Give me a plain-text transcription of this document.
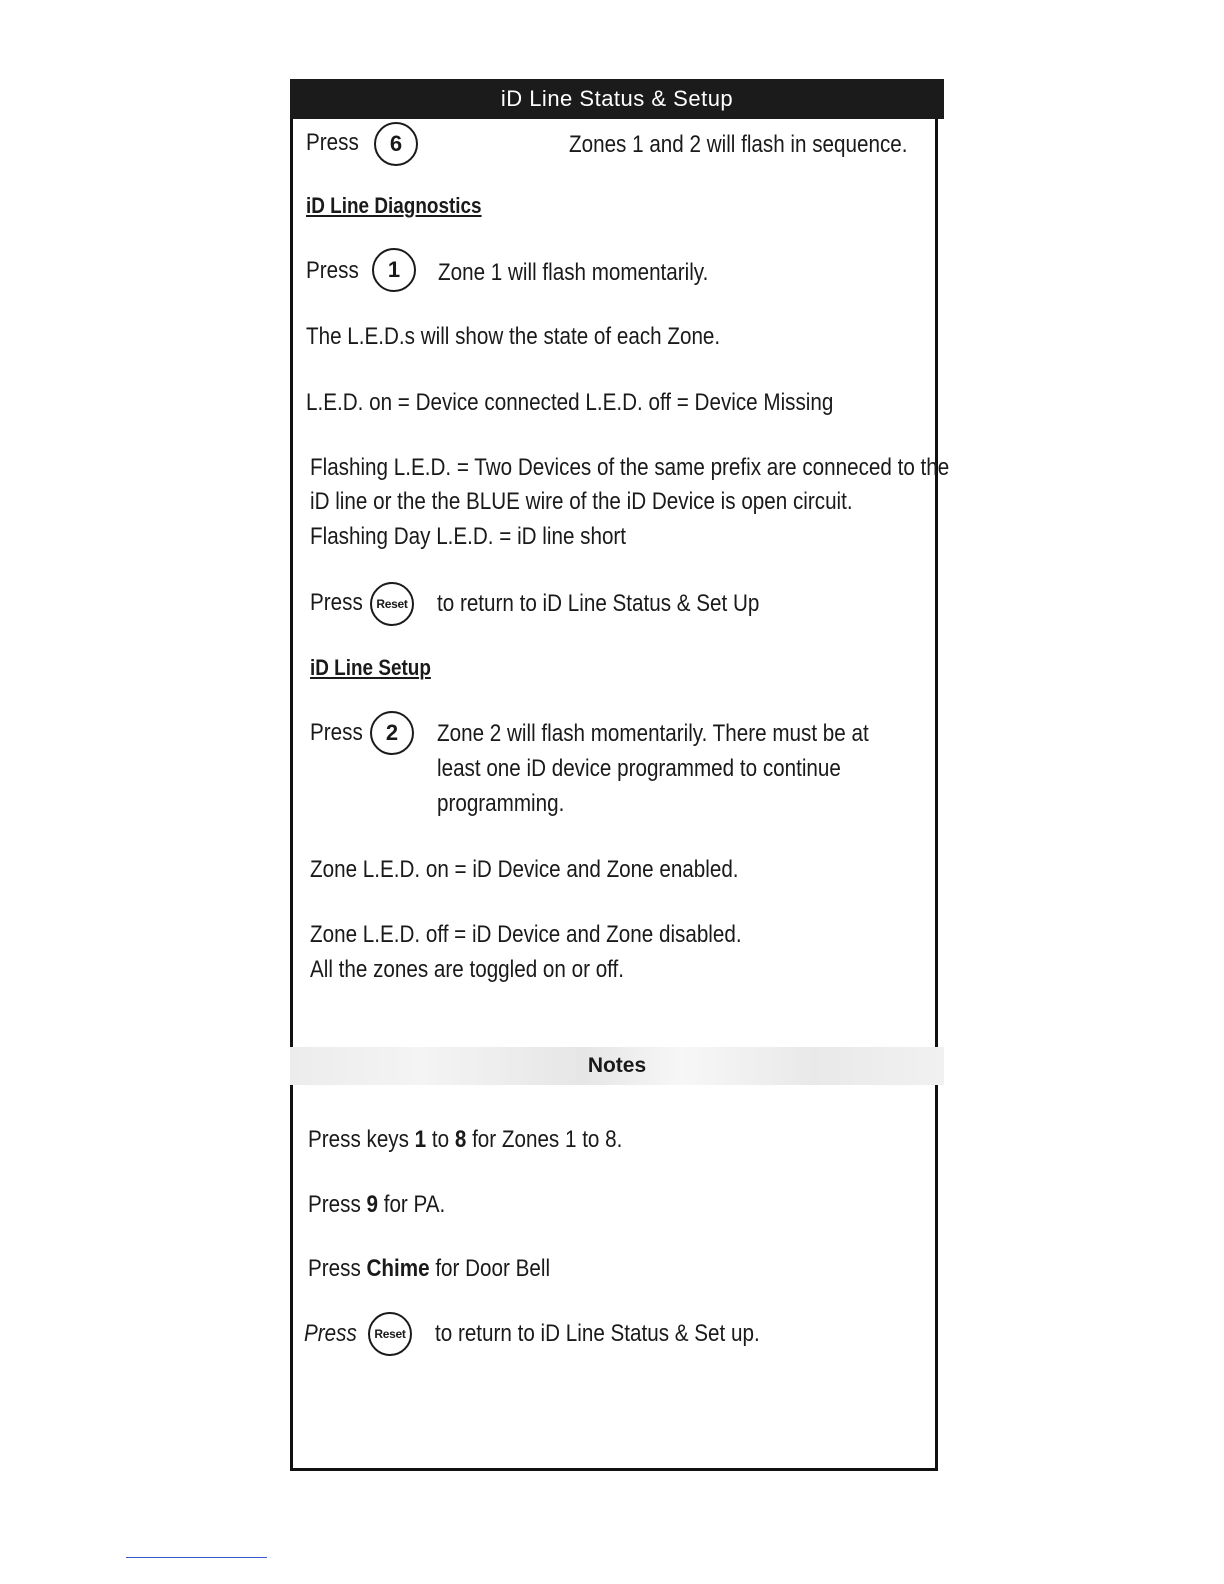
iD Line Status & Setup
Press	6	Zones 1 and 2 will flash in sequence.
iD Line Diagnostics
Press	1	Zone 1 will flash momentarily.
The L.E.D.s will show the state of each Zone.
L.E.D. on = Device connected L.E.D. off = Device Missing
Flashing L.E.D. = Two Devices of the same prefix are conneced to the
iD line or the the BLUE wire of the iD Device is open circuit.
Flashing Day L.E.D. = iD line short
Press	Reset to return to iD Line Status & Set Up
iD Line Setup
Press	2	Zone 2 will flash momentarily. There must be at
least one iD device programmed to continue
programming.
Zone L.E.D. on = iD Device and Zone enabled.
Zone L.E.D. off = iD Device and Zone disabled.
All the zones are toggled on or off.
Notes
Press keys 1 to 8 for Zones 1 to 8.
Press 9 for PA.
Press Chime for Door Bell
Press	Reset to return to iD Line Status & Set up.
